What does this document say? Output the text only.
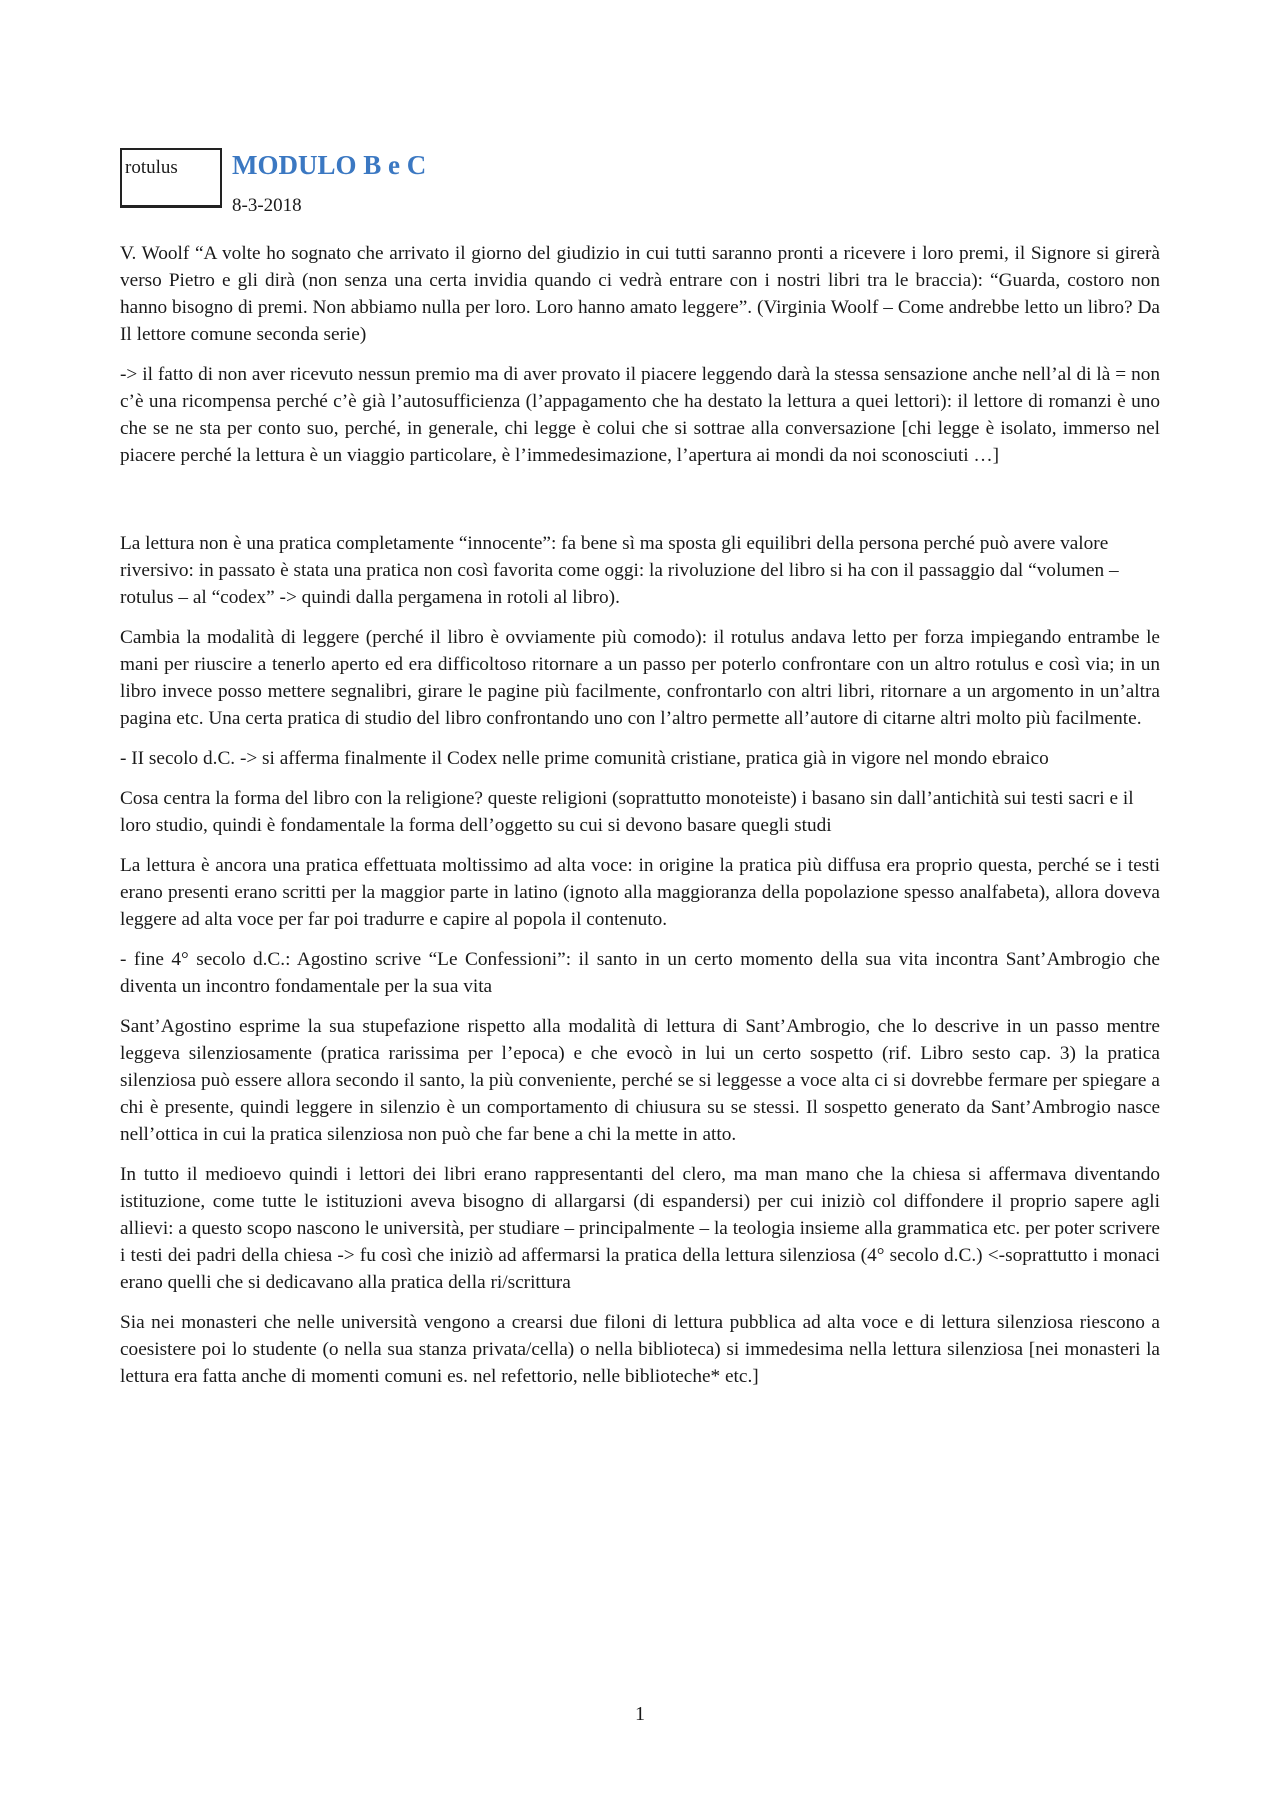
rotulus MODULO B e C
8-3-2018

V. Woolf “A volte ho sognato che arrivato il giorno del giudizio in cui tutti saranno pronti a ricevere i loro premi, il Signore si girerà verso Pietro e gli dirà (non senza una certa invidia quando ci vedrà entrare con i nostri libri tra le braccia): “Guarda, costoro non hanno bisogno di premi. Non abbiamo nulla per loro. Loro hanno amato leggere”. (Virginia Woolf – Come andrebbe letto un libro? Da Il lettore comune seconda serie)

-> il fatto di non aver ricevuto nessun premio ma di aver provato il piacere leggendo darà la stessa sensazione anche nell’al di là = non c’è una ricompensa perché c’è già l’autosufficienza (l’appagamento che ha destato la lettura a quei lettori): il lettore di romanzi è uno che se ne sta per conto suo, perché, in generale, chi legge è colui che si sottrae alla conversazione [chi legge è isolato, immerso nel piacere perché la lettura è un viaggio particolare, è l’immedesimazione, l’apertura ai mondi da noi sconosciuti …]

La lettura non è una pratica completamente “innocente”: fa bene sì ma sposta gli equilibri della persona perché può avere valore riversivo: in passato è stata una pratica non così favorita come oggi: la rivoluzione del libro si ha con il passaggio dal “volumen – rotulus – al “codex” -> quindi dalla pergamena in rotoli al libro).

Cambia la modalità di leggere (perché il libro è ovviamente più comodo): il rotulus andava letto per forza impiegando entrambe le mani per riuscire a tenerlo aperto ed era difficoltoso ritornare a un passo per poterlo confrontare con un altro rotulus e così via; in un libro invece posso mettere segnalibri, girare le pagine più facilmente, confrontarlo con altri libri, ritornare a un argomento in un’altra pagina etc. Una certa pratica di studio del libro confrontando uno con l’altro permette all’autore di citarne altri molto più facilmente.

- II secolo d.C. -> si afferma finalmente il Codex nelle prime comunità cristiane, pratica già in vigore nel mondo ebraico

Cosa centra la forma del libro con la religione? queste religioni (soprattutto monoteiste) i basano sin dall’antichità sui testi sacri e il loro studio, quindi è fondamentale la forma dell’oggetto su cui si devono basare quegli studi

La lettura è ancora una pratica effettuata moltissimo ad alta voce: in origine la pratica più diffusa era proprio questa, perché se i testi erano presenti erano scritti per la maggior parte in latino (ignoto alla maggioranza della popolazione spesso analfabeta), allora doveva leggere ad alta voce per far poi tradurre e capire al popola il contenuto.

- fine 4° secolo d.C.: Agostino scrive “Le Confessioni”: il santo in un certo momento della sua vita incontra Sant’Ambrogio che diventa un incontro fondamentale per la sua vita

Sant’Agostino esprime la sua stupefazione rispetto alla modalità di lettura di Sant’Ambrogio, che lo descrive in un passo mentre leggeva silenziosamente (pratica rarissima per l’epoca) e che evocò in lui un certo sospetto (rif. Libro sesto cap. 3) la pratica silenziosa può essere allora secondo il santo, la più conveniente, perché se si leggesse a voce alta ci si dovrebbe fermare per spiegare a chi è presente, quindi leggere in silenzio è un comportamento di chiusura su se stessi. Il sospetto generato da Sant’Ambrogio nasce nell’ottica in cui la pratica silenziosa non può che far bene a chi la mette in atto.

In tutto il medioevo quindi i lettori dei libri erano rappresentanti del clero, ma man mano che la chiesa si affermava diventando istituzione, come tutte le istituzioni aveva bisogno di allargarsi (di espandersi) per cui iniziò col diffondere il proprio sapere agli allievi: a questo scopo nascono le università, per studiare – principalmente – la teologia insieme alla grammatica etc. per poter scrivere i testi dei padri della chiesa -> fu così che iniziò ad affermarsi la pratica della lettura silenziosa (4° secolo d.C.) <-soprattutto i monaci erano quelli che si dedicavano alla pratica della ri/scrittura

Sia nei monasteri che nelle università vengono a crearsi due filoni di lettura pubblica ad alta voce e di lettura silenziosa riescono a coesistere poi lo studente (o nella sua stanza privata/cella) o nella biblioteca) si immedesima nella lettura silenziosa [nei monasteri la lettura era fatta anche di momenti comuni es. nel refettorio, nelle biblioteche* etc.]

1
